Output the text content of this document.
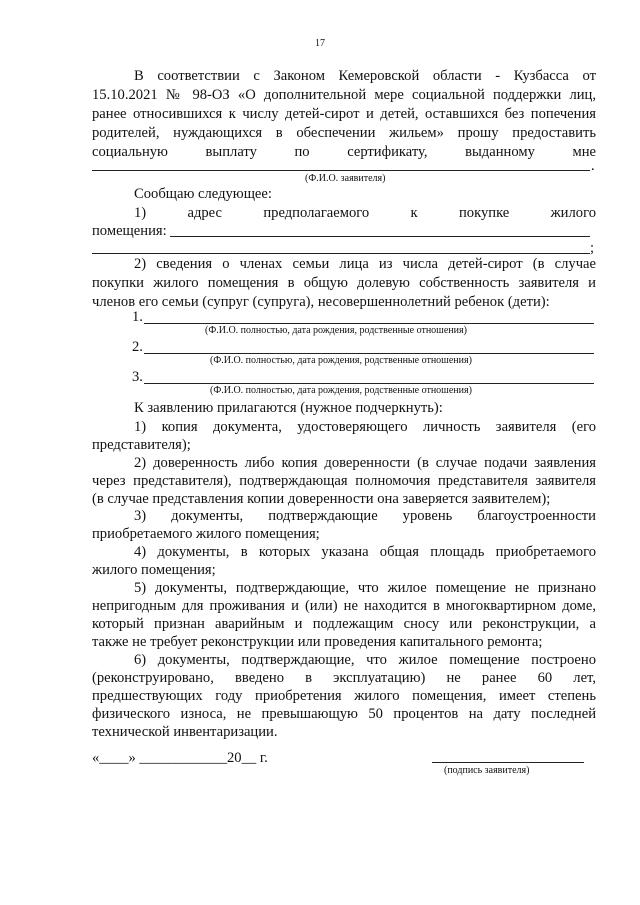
17
В соответствии с Законом Кемеровской области - Кузбасса от
15.10.2021 № 98-ОЗ «О дополнительной мере социальной поддержки лиц,
ранее относившихся к числу детей-сирот и детей, оставшихся без попечения
родителей, нуждающихся в обеспечении жильем» прошу предоставить
социальную выплату по сертификату, выданному мне
.
(Ф.И.О. заявителя)
Сообщаю следующее:
1) адрес предполагаемого к покупке жилого
помещения:
;
2) сведения о членах семьи лица из числа детей-сирот (в случае
покупки жилого помещения в общую долевую собственность заявителя и
членов его семьи (супруг (супруга), несовершеннолетний ребенок (дети):
1.
(Ф.И.О. полностью, дата рождения, родственные отношения)
2.
(Ф.И.О. полностью, дата рождения, родственные отношения)
3.
(Ф.И.О. полностью, дата рождения, родственные отношения)
К заявлению прилагаются (нужное подчеркнуть):
1) копия документа, удостоверяющего личность заявителя (его
представителя);
2) доверенность либо копия доверенности (в случае подачи заявления
через представителя), подтверждающая полномочия представителя заявителя
(в случае представления копии доверенности она заверяется заявителем);
3) документы, подтверждающие уровень благоустроенности
приобретаемого жилого помещения;
4) документы, в которых указана общая площадь приобретаемого
жилого помещения;
5) документы, подтверждающие, что жилое помещение не признано
непригодным для проживания и (или) не находится в многоквартирном доме,
который признан аварийным и подлежащим сносу или реконструкции, а
также не требует реконструкции или проведения капитального ремонта;
6) документы, подтверждающие, что жилое помещение построено
(реконструировано, введено в эксплуатацию) не ранее 60 лет,
предшествующих году приобретения жилого помещения, имеет степень
физического износа, не превышающую 50 процентов на дату последней
технической инвентаризации.
«____» ____________20__ г.
(подпись заявителя)
